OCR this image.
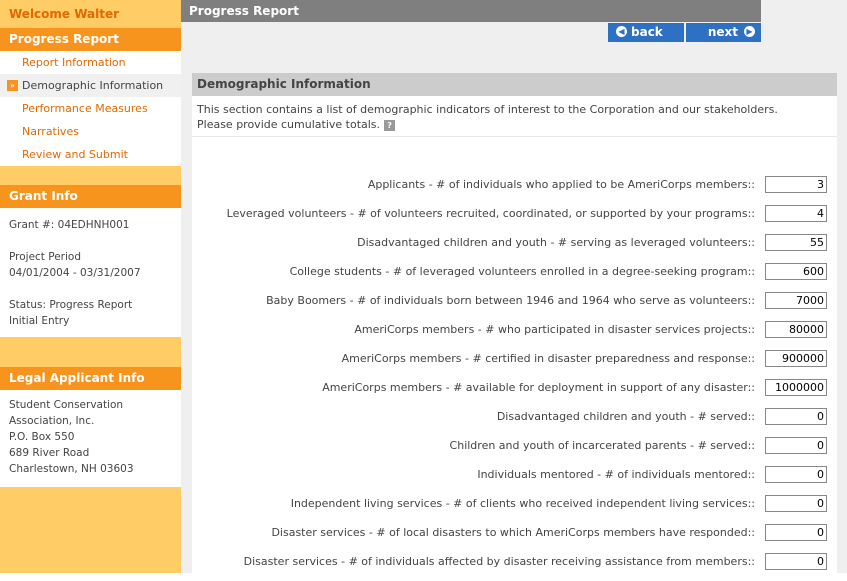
Welcome Walter
Progress Report
Report Information
» Demographic Information
Performance Measures
Narratives
Review and Submit
Grant Info

Grant #: 04EDHNH001

Project Period

04/01/2004 - 03/31/2007

Status: Progress Report

Initial Entry

Legal Applicant Info

Student Conservation

Association, Inc.

P.O. Box 550

689 River Road

Charlestown, NH 03603

Progress Report
◀ back	next ▶
Demographic Information
This section contains a list of demographic indicators of interest to the Corporation and our stakeholders.
Please provide cumulative totals. ?
Applicants - # of individuals who applied to be AmeriCorps members::
3
Leveraged volunteers - # of volunteers recruited, coordinated, or supported by your programs::
4
Disadvantaged children and youth - # serving as leveraged volunteers::
55
College students - # of leveraged volunteers enrolled in a degree-seeking program::
600
Baby Boomers - # of individuals born between 1946 and 1964 who serve as volunteers::
7000
AmeriCorps members - # who participated in disaster services projects::
80000
AmeriCorps members - # certified in disaster preparedness and response::
900000
AmeriCorps members - # available for deployment in support of any disaster::
1000000
Disadvantaged children and youth - # served::
0
Children and youth of incarcerated parents - # served::
0
Individuals mentored - # of individuals mentored::
0
Independent living services - # of clients who received independent living services::
0
Disaster services - # of local disasters to which AmeriCorps members have responded::
0
Disaster services - # of individuals affected by disaster receiving assistance from members::
0
